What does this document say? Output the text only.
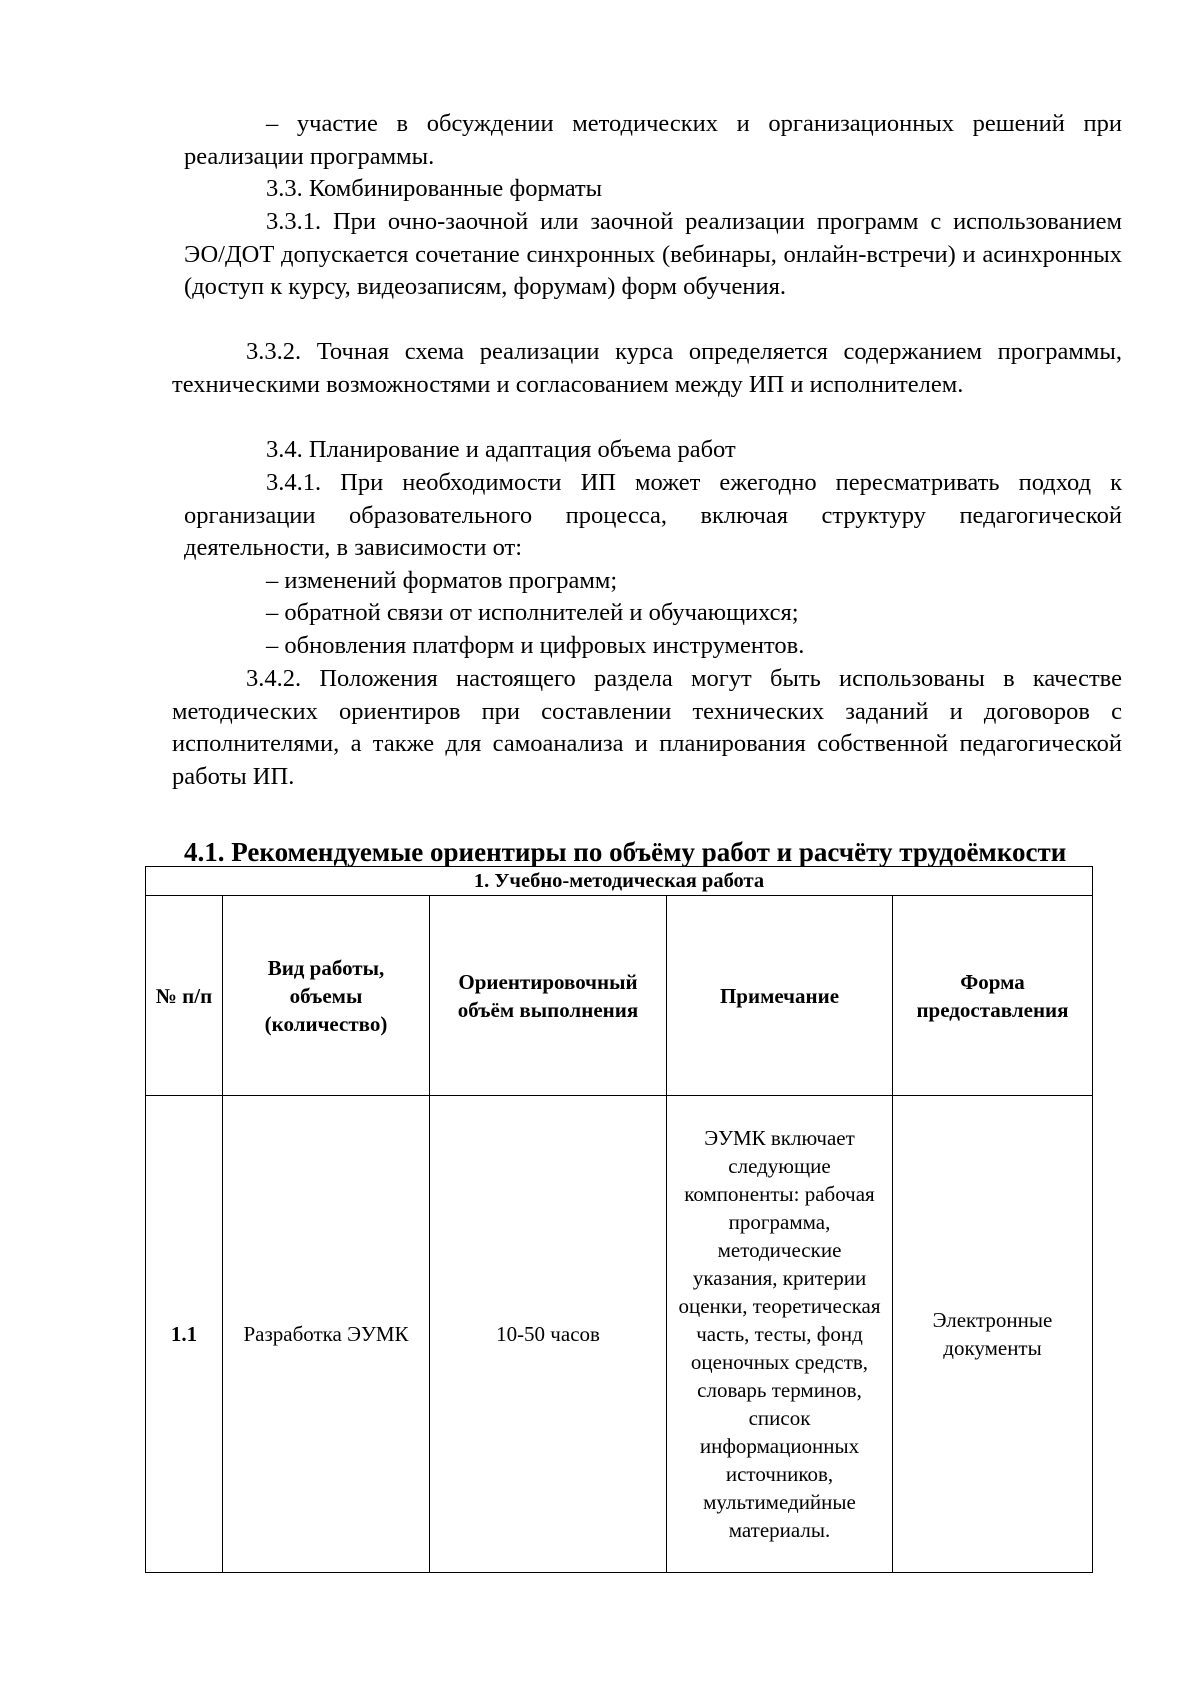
– участие в обсуждении методических и организационных решений при реализации программы.

3.3. Комбинированные форматы

3.3.1. При очно-заочной или заочной реализации программ с использованием ЭО/ДОТ допускается сочетание синхронных (вебинары, онлайн-встречи) и асинхронных (доступ к курсу, видеозаписям, форумам) форм обучения.

3.3.2. Точная схема реализации курса определяется содержанием программы, техническими возможностями и согласованием между ИП и исполнителем.

3.4. Планирование и адаптация объема работ

3.4.1. При необходимости ИП может ежегодно пересматривать подход к организации образовательного процесса, включая структуру педагогической деятельности, в зависимости от:

– изменений форматов программ;

– обратной связи от исполнителей и обучающихся;

– обновления платформ и цифровых инструментов.

3.4.2. Положения настоящего раздела могут быть использованы в качестве методических ориентиров при составлении технических заданий и договоров с исполнителями, а также для самоанализа и планирования собственной педагогической работы ИП.

4.1. Рекомендуемые ориентиры по объёму работ и расчёту трудоёмкости
1. Учебно-методическая работа				
№ п/п	Вид работы, объемы (количество)	Ориентировочный объём выполнения	Примечание	Форма предоставления
1.1	Разработка ЭУМК	10-50 часов	ЭУМК включает следующие компоненты: рабочая программа, методические указания, критерии оценки, теоретическая часть, тесты, фонд оценочных средств, словарь терминов, список информационных источников, мультимедийные материалы.	Электронные документы
